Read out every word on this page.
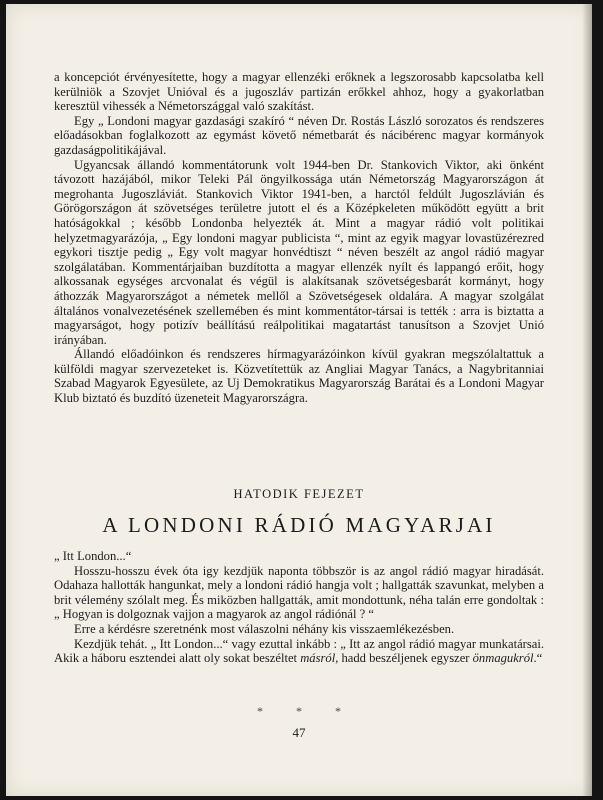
a koncepciót érvényesítette, hogy a magyar ellenzéki erőknek a legszorosabb kapcsolatba kell kerülniök a Szovjet Unióval és a jugoszláv partizán erőkkel ahhoz, hogy a gyakorlatban keresztül vihessék a Németországgal való szakítást.

Egy „ Londoni magyar gazdasági szakíró “ néven Dr. Rostás László sorozatos és rendszeres előadásokban foglalkozott az egymást követő németbarát és nácibérenc magyar kormányok gazdaságpolitikájával.

Ugyancsak állandó kommentátorunk volt 1944-ben Dr. Stankovich Viktor, aki önként távozott hazájából, mikor Teleki Pál öngyilkossága után Németország Magyarországon át megrohanta Jugoszláviát. Stankovich Viktor 1941-ben, a harctól feldúlt Jugoszlávián és Görögországon át szövetséges területre jutott el és a Középkeleten működött együtt a brit hatóságokkal ; később Londonba helyezték át. Mint a magyar rádió volt politikai helyzetmagyarázója, „ Egy londoni magyar publicista “, mint az egyik magyar lovastüzérezred egykori tisztje pedig „ Egy volt magyar honvédtiszt “ néven beszélt az angol rádió magyar szolgálatában. Kommentárjaiban buzdította a magyar ellenzék nyílt és lappangó erőit, hogy alkossanak egységes arcvonalat és végül is alakítsanak szövetségesbarát kormányt, hogy áthozzák Magyarországot a németek mellől a Szövetségesek oldalára. A magyar szolgálat általános vonalvezetésének szellemében és mint kommentátor-társai is tették : arra is biztatta a magyarságot, hogy potizív beállítású reálpolitikai magatartást tanusítson a Szovjet Unió irányában.

Állandó előadóinkon és rendszeres hírmagyarázóinkon kívül gyakran megszólaltattuk a külföldi magyar szervezeteket is. Közvetítettük az Angliai Magyar Tanács, a Nagybritanniai Szabad Magyarok Egyesülete, az Uj Demokratikus Magyarország Barátai és a Londoni Magyar Klub biztató és buzdító üzeneteit Magyarországra.

HATODIK FEJEZET
A LONDONI RÁDIÓ MAGYARJAI

„ Itt London...“

Hosszu-hosszu évek óta igy kezdjük naponta többször is az angol rádió magyar hiradását. Odahaza hallották hangunkat, mely a londoni rádió hangja volt ; hallgatták szavunkat, melyben a brit vélemény szólalt meg. És miközben hallgatták, amit mondottunk, néha talán erre gondoltak : „ Hogyan is dolgoznak vajjon a magyarok az angol rádiónál ? “

Erre a kérdésre szeretnénk most válaszolni néhány kis visszaemlékezésben.

Kezdjük tehát. „ Itt London...“ vagy ezuttal inkább : „ Itt az angol rádió magyar munkatársai. Akik a háboru esztendei alatt oly sokat beszéltet másról, hadd beszéljenek egyszer önmagukról.“

* * *
47
